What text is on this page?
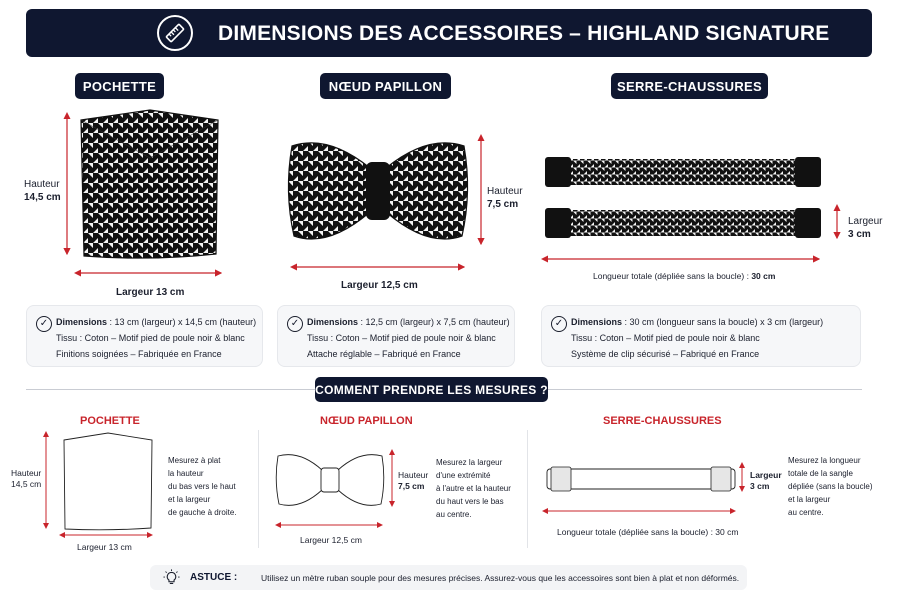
DIMENSIONS DES ACCESSOIRES – HIGHLAND SIGNATURE
POCHETTE
Hauteur
14,5 cm
Largeur 13 cm
NŒUD PAPILLON
Hauteur
7,5 cm
Largeur 12,5 cm
SERRE-CHAUSSURES
Largeur
3 cm
Longueur totale (dépliée sans la boucle) : 30 cm
✓ Dimensions : 13 cm (largeur) x 14,5 cm (hauteur)
Tissu : Coton – Motif pied de poule noir & blanc
Finitions soignées – Fabriquée en France
✓ Dimensions : 12,5 cm (largeur) x 7,5 cm (hauteur)
Tissu : Coton – Motif pied de poule noir & blanc
Attache réglable – Fabriqué en France
✓ Dimensions : 30 cm (longueur sans la boucle) x 3 cm (largeur)
Tissu : Coton – Motif pied de poule noir & blanc
Système de clip sécurisé – Fabriqué en France
COMMENT PRENDRE LES MESURES ?
POCHETTE
Hauteur
14,5 cm
Largeur 13 cm
Mesurez à plat
la hauteur
du bas vers le haut
et la largeur
de gauche à droite.
NŒUD PAPILLON
Hauteur
7,5 cm
Largeur 12,5 cm
Mesurez la largeur
d'une extrémité
à l'autre et la hauteur
du haut vers le bas
au centre.
SERRE-CHAUSSURES
Largeur
3 cm
Longueur totale (dépliée sans la boucle) : 30 cm
Mesurez la longueur
totale de la sangle
dépliée (sans la boucle)
et la largeur
au centre.
ASTUCE :	Utilisez un mètre ruban souple pour des mesures précises. Assurez-vous que les accessoires sont bien à plat et non déformés.
